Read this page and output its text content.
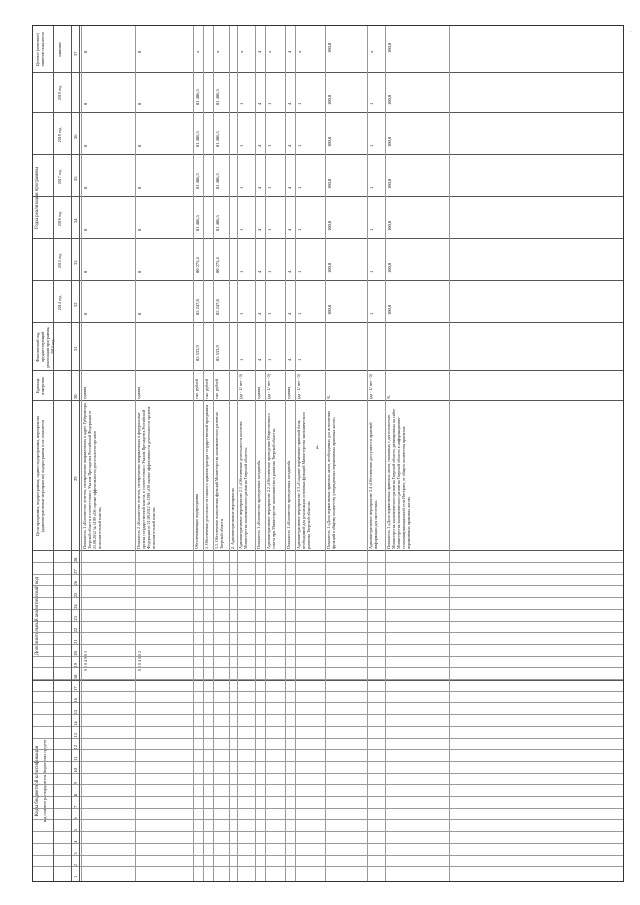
4
·
Коды бюджетной классификации код главного распорядителя бюджетных средств
Дополнительный аналитический код
Цели программы, подпрограммы, задачи подпрограммы, мероприятия (административные мероприятия) подпрограммы и их показатели
Единица измерения
Фактический год, предшествующий реализации программы, 2013 год
Годы реализации программы
Целевое (конечное) значение показателя
2014 год
2015 год
2016 год
2017 год
2018 год
2019 год
значение
1
2
3
4
5
6
7
8
9
10
11
12
13
14
15
16
17
18
19
20
21
22
23
24
25
26
27
28
29
30
31
32
33
34
35
36
37
0 1 0 4 0 0 1
Показатель 1 «Количество отчетов, своевременно направленных в адрес Губернатора Тверской области в соответствии с Указом Президента Российской Федерации от 21.08.2012 № 1199 «Об оценке эффективности деятельности органов исполнительной власти»
единиц
0
0
0
0
0
0
0
0 1 0 4 0 0 2
Показатель 2 «Количество отчетов, своевременно направленных в федеральные органы государственной власти, в соответствии с Указом Президента Российской Федерации от 21.08.2012 № 1199 «Об оценке эффективности деятельности органов исполнительной власти»
единиц
0
0
0
0
0
0
0
Обеспечивающая подпрограмма
тыс. рублей
85 533,9
85 247,8
80 275,4
81 486,5
81 486,5
81 486,5
81 486,5
х
1. Обеспечение деятельности главного администратора государственной программы
тыс. рублей
1.1. Обеспечение выполнения функций Министерства экономического развития Тверской области
тыс. рублей
85 533,9
85 247,8
80 275,4
81 486,5
81 486,5
81 486,5
81 486,5
х
2. Административные мероприятия Административное мероприятие 2.1 «Обеспечение деятельности коллегии Министерства экономического развития Тверской области»
(да - 1/ нет - 0)
1
1
1
1
1
1
1
х
Показатель 1 «Количество проведенных заседаний»
единиц
4
4
4
4
4
4
4
4
Административное мероприятие 2.2 «Обеспечение проведения Общественного совета при Министерстве экономического развития Тверской области»
(да - 1/ нет - 0)
1
1
1
1
1
1
1
х
Показатель 1 «Количество проведенных заседаний»
единиц
4
4
4
4
4
4
4
4
Административное мероприятие 2.3 «Создание нормативно-правовой базы, необходимой для реализации основных функций Министерства экономического развития Тверской области»
(да - 1/ нет - 0)
1
1
1
1
1
1
1
х
Показатель 1 «Доля нормативных правовых актов, необходимых для исполнения функций в общему количеству утвержденных нормативных правовых актов»
%
100,0
100,0
100,0
100,0
100,0
100,0
100,0
Административное мероприятие 2.4 «Обеспечение доступности правовой информации для населения»
(да - 1/ нет - 0)
1
1
1
1
1
1
х
Показатель 1 «Доля нормативных правовых актов, связанных с деятельностью Министерства экономического развития Тверской области, размещенных на сайте Министерства экономического развития Тверской области в информационно-телекоммуникационной сети Интернет, от общего количества принятых нормативных правовых актов»
%
100,0
100,0
100,0
100,0
100,0
100,0
100,0
